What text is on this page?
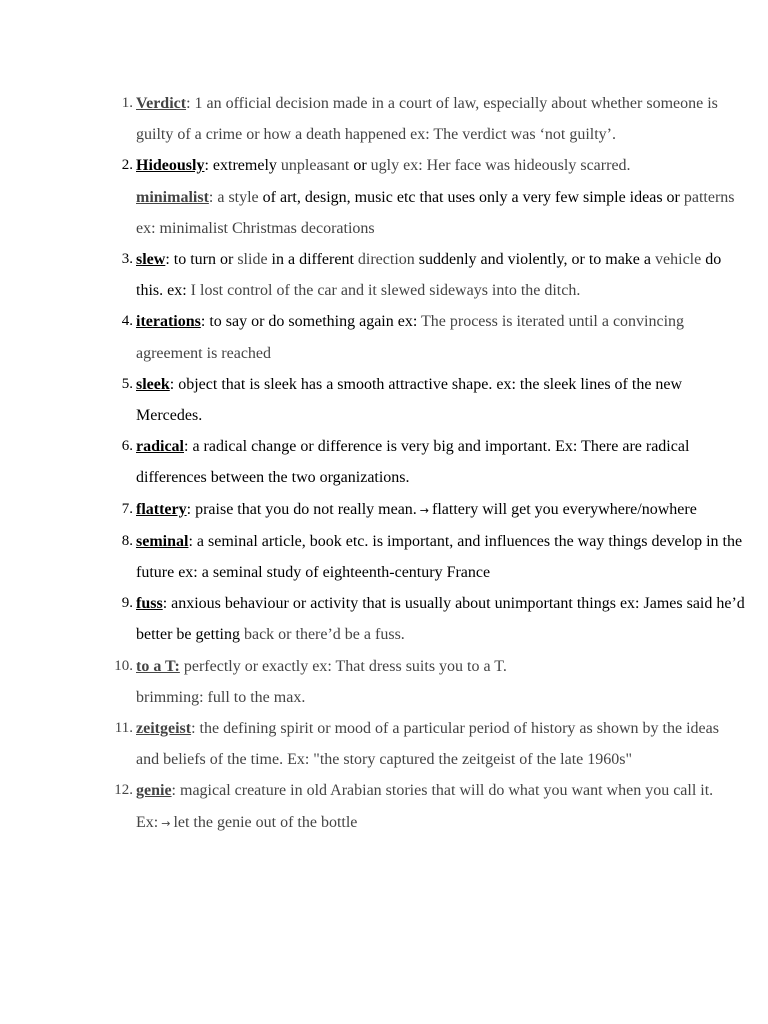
1. Verdict: 1 an official decision made in a court of law, especially about whether someone is guilty of a crime or how a death happened ex: The verdict was ‘not guilty’.
2. Hideously: extremely unpleasant or ugly ex: Her face was hideously scarred.
minimalist: a style of art, design, music etc that uses only a very few simple ideas or patterns ex: minimalist Christmas decorations
3. slew: to turn or slide in a different direction suddenly and violently, or to make a vehicle do this. ex: I lost control of the car and it slewed sideways into the ditch.
4. iterations: to say or do something again ex: The process is iterated until a convincing agreement is reached
5. sleek: object that is sleek has a smooth attractive shape. ex: the sleek lines of the new Mercedes.
6. radical: a radical change or difference is very big and important. Ex: There are radical differences between the two organizations.
7. flattery: praise that you do not really mean. → flattery will get you everywhere/nowhere
8. seminal: a seminal article, book etc. is important, and influences the way things develop in the future ex: a seminal study of eighteenth-century France
9. fuss: anxious behaviour or activity that is usually about unimportant things ex: James said he’d better be getting back or there’d be a fuss.
10. to a T: perfectly or exactly ex: That dress suits you to a T.
brimming: full to the max.
11. zeitgeist: the defining spirit or mood of a particular period of history as shown by the ideas and beliefs of the time. Ex: "the story captured the zeitgeist of the late 1960s"
12. genie: magical creature in old Arabian stories that will do what you want when you call it. Ex: → let the genie out of the bottle
